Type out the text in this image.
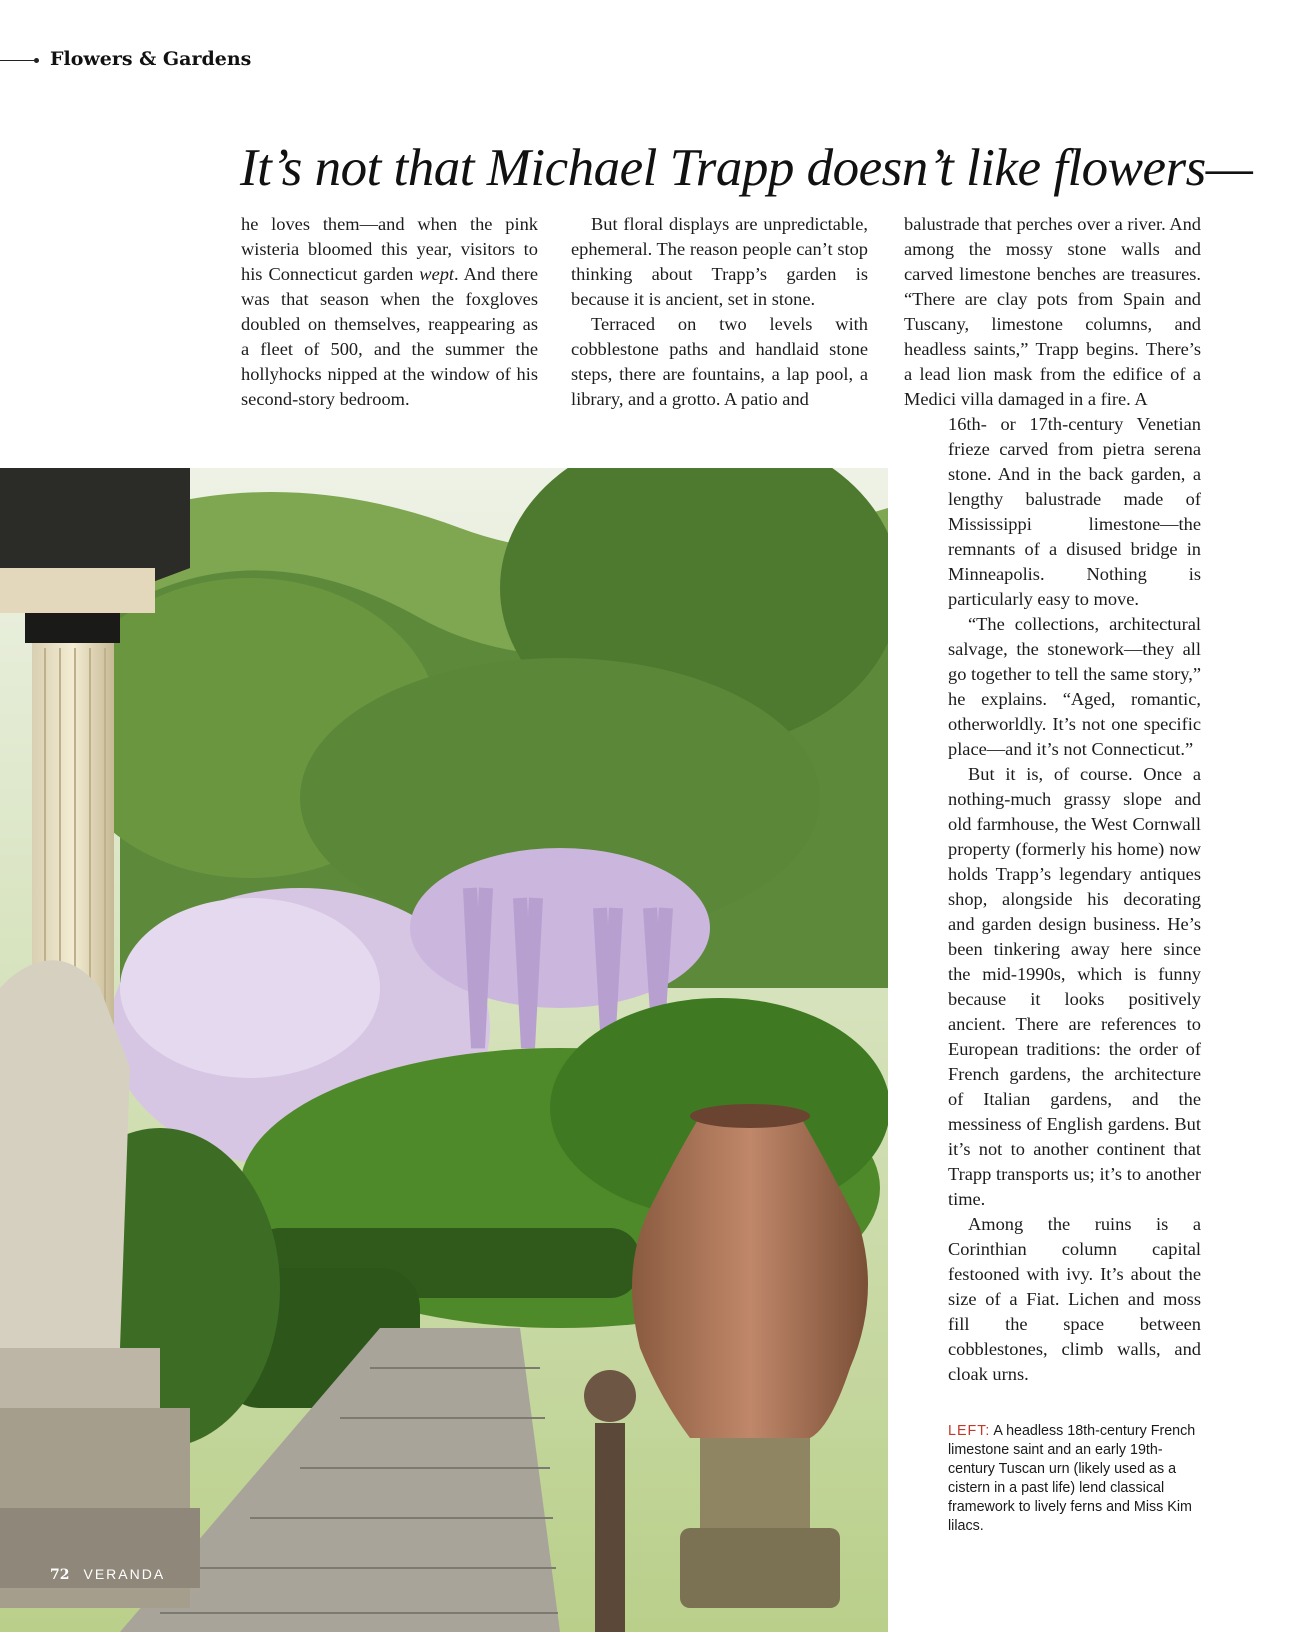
Flowers & Gardens
It’s not that Michael Trapp doesn’t like flowers—

he loves them—and when the pink wisteria bloomed this year, visitors to his Connecticut garden wept. And there was that season when the foxgloves doubled on themselves, reappearing as a fleet of 500, and the summer the hollyhocks nipped at the window of his second-story bedroom.

But floral displays are unpredictable, ephemeral. The reason people can’t stop thinking about Trapp’s garden is because it is ancient, set in stone.

Terraced on two levels with cobblestone paths and handlaid stone steps, there are fountains, a lap pool, a library, and a grotto. A patio and

balustrade that perches over a river. And among the mossy stone walls and carved limestone benches are treasures. “There are clay pots from Spain and Tuscany, limestone columns, and headless saints,” Trapp begins. There’s a lead lion mask from the edifice of a Medici villa damaged in a fire. A

16th- or 17th-century Venetian frieze carved from pietra serena stone. And in the back garden, a lengthy balustrade made of Mississippi limestone—the remnants of a disused bridge in Minneapolis. Nothing is particularly easy to move.

“The collections, architectural salvage, the stonework—they all go together to tell the same story,” he explains. “Aged, romantic, otherworldly. It’s not one specific place—and it’s not Connecticut.”

But it is, of course. Once a nothing-much grassy slope and old farmhouse, the West Cornwall property (formerly his home) now holds Trapp’s legendary antiques shop, alongside his decorating and garden design business. He’s been tinkering away here since the mid-1990s, which is funny because it looks positively ancient. There are references to European traditions: the order of French gardens, the architecture of Italian gardens, and the messiness of English gardens. But it’s not to another continent that Trapp transports us; it’s to another time.

Among the ruins is a Corinthian column capital festooned with ivy. It’s about the size of a Fiat. Lichen and moss fill the space between cobblestones, climb walls, and cloak urns.

LEFT: A headless 18th-century French limestone saint and an early 19th-century Tuscan urn (likely used as a cistern in a past life) lend classical framework to lively ferns and Miss Kim lilacs.
72 VERANDA
